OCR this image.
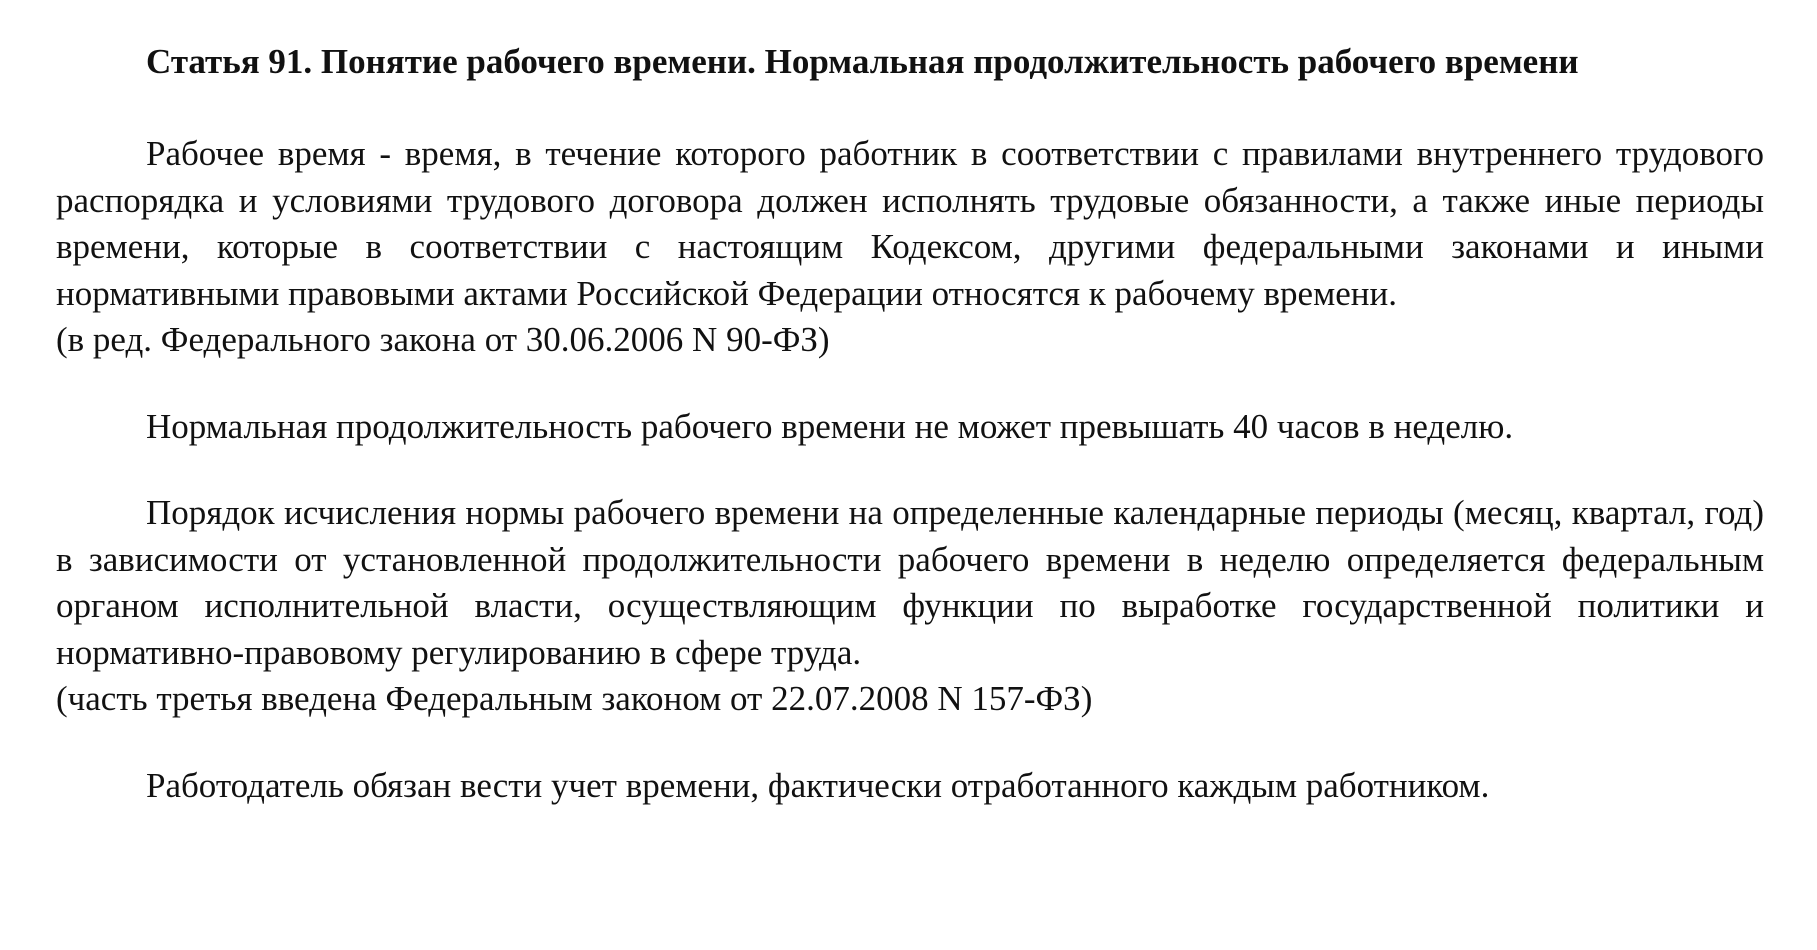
Статья 91. Понятие рабочего времени. Нормальная продолжительность рабочего времени

Рабочее время - время, в течение которого работник в соответствии с правилами внутреннего трудового распорядка и условиями трудового договора должен исполнять трудовые обязанности, а также иные периоды времени, которые в соответствии с настоящим Кодексом, другими федеральными законами и иными нормативными правовыми актами Российской Федерации относятся к рабочему времени.

(в ред. Федерального закона от 30.06.2006 N 90-ФЗ)

Нормальная продолжительность рабочего времени не может превышать 40 часов в неделю.

Порядок исчисления нормы рабочего времени на определенные календарные периоды (месяц, квартал, год) в зависимости от установленной продолжительности рабочего времени в неделю определяется федеральным органом исполнительной власти, осуществляющим функции по выработке государственной политики и нормативно-правовому регулированию в сфере труда.

(часть третья введена Федеральным законом от 22.07.2008 N 157-ФЗ)

Работодатель обязан вести учет времени, фактически отработанного каждым работником.
